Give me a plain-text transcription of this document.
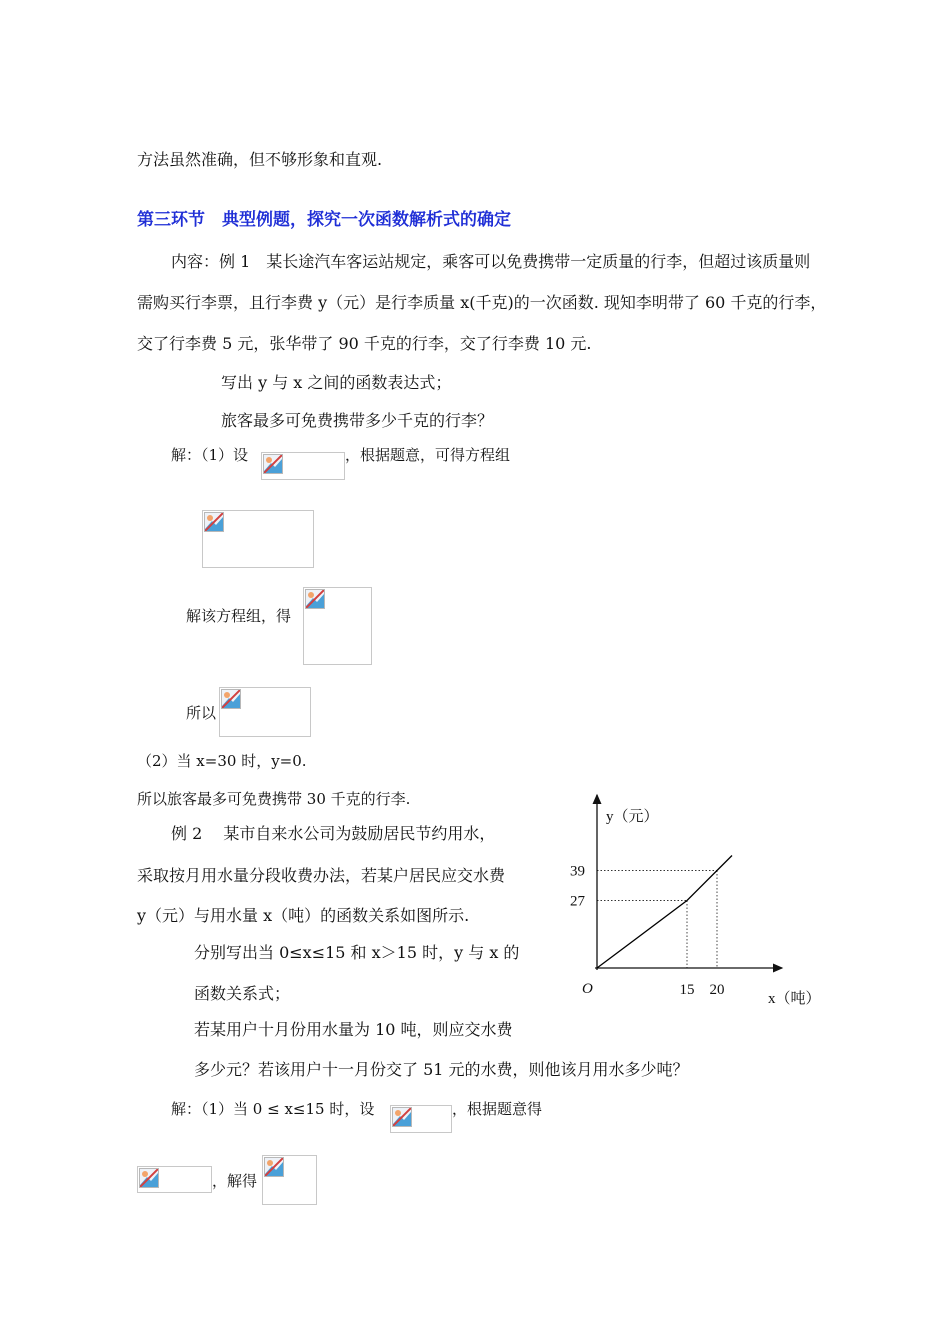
方法虽然准确，但不够形象和直观.
第三环节　典型例题，探究一次函数解析式的确定
内容：例 1　某长途汽车客运站规定，乘客可以免费携带一定质量的行李，但超过该质量则
需购买行李票，且行李费 y（元）是行李质量 x(千克)的一次函数. 现知李明带了 60 千克的行李，
交了行李费 5 元，张华带了 90 千克的行李，交了行李费 10 元.
写出 y 与 x 之间的函数表达式；
旅客最多可免费携带多少千克的行李？
解：（1）设	，根据题意，可得方程组
解该方程组，得
所以
（2）当 x=30 时，y=0.
所以旅客最多可免费携带 30 千克的行李.
例 2　 某市自来水公司为鼓励居民节约用水，
采取按月用水量分段收费办法，若某户居民应交水费
y（元）与用水量 x（吨）的函数关系如图所示.
分别写出当 0≤x≤15 和 x＞15 时，y 与 x 的
函数关系式；
若某用户十月份用水量为 10 吨，则应交水费
多少元？若该用户十一月份交了 51 元的水费，则他该月用水多少吨？
解：（1）当 0 ≤ x≤15 时，设	，根据题意得
，解得
15 20
27
39
y（元）
x（吨）
O
